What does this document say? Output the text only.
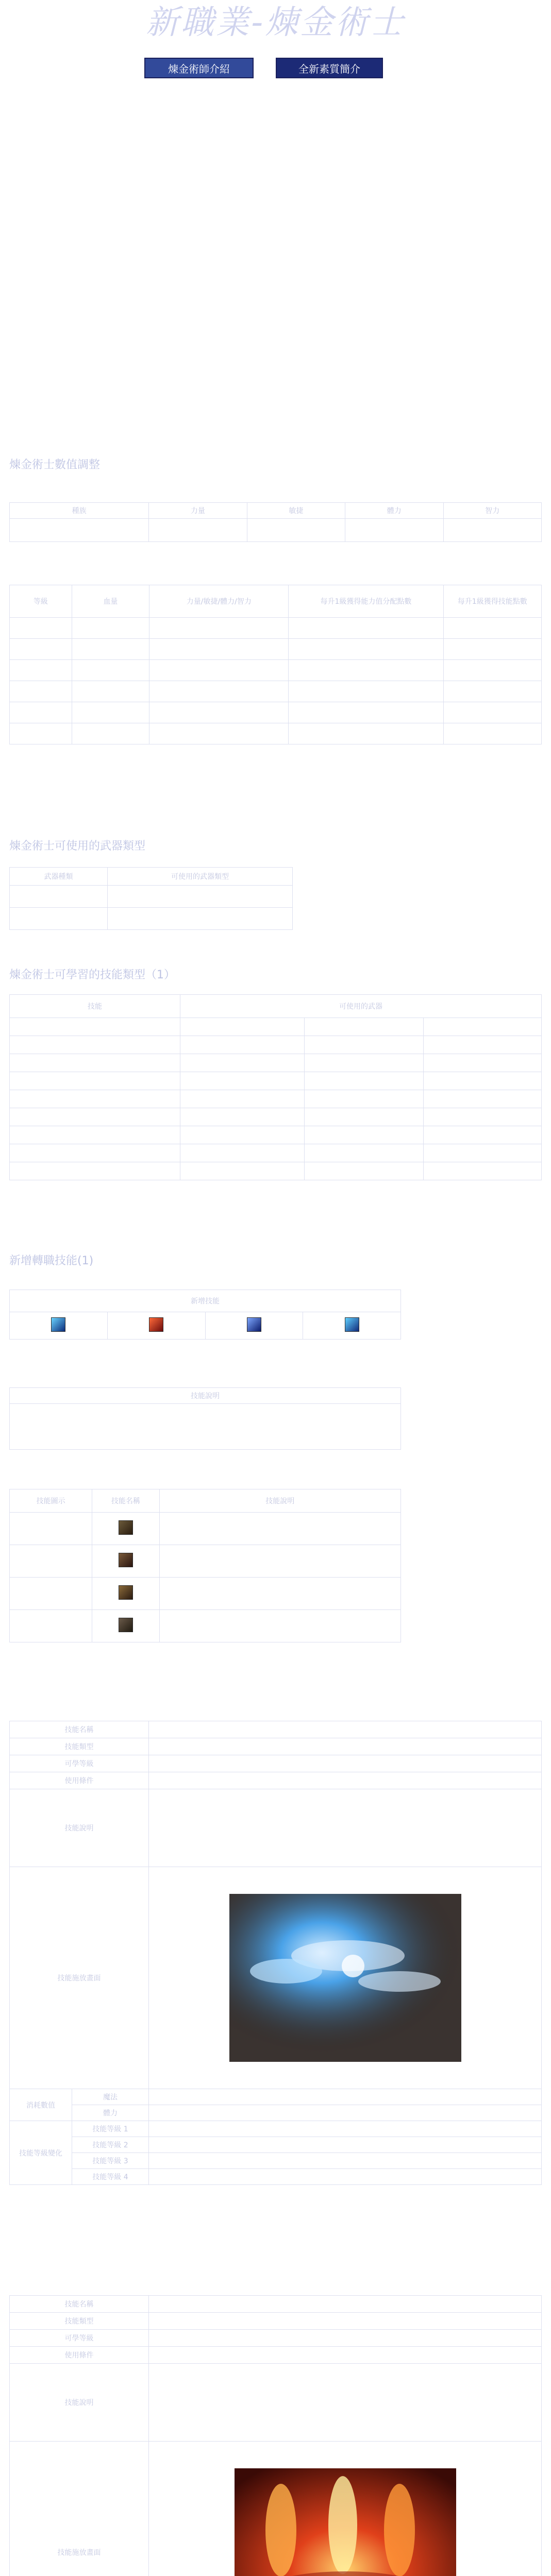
新職業-煉金術士
煉金術師介紹	全新素質簡介
煉金術士數值調整
種族	力量	敏捷	體力	智力

等級	血量	力量/敏捷/體力/智力	每升1級獲得能力值分配點數	每升1級獲得技能點數

煉金術士可使用的武器類型
武器種類	可使用的武器類型

煉金術士可學習的技能類型（1）
技能	可使用的武器		

新增轉職技能(1)
新增技能

技能說明

技能圖示	技能名稱	技能說明

技能名稱		
技能類型		
可學等級		
使用條件		
技能說明		
技能施放畫面	

消耗數值	魔法	
	體力	
技能等級變化	技能等級 1	
	技能等級 2	
	技能等級 3	
	技能等級 4	
技能名稱		
技能類型		
可學等級		
使用條件		
技能說明		
技能施放畫面	
